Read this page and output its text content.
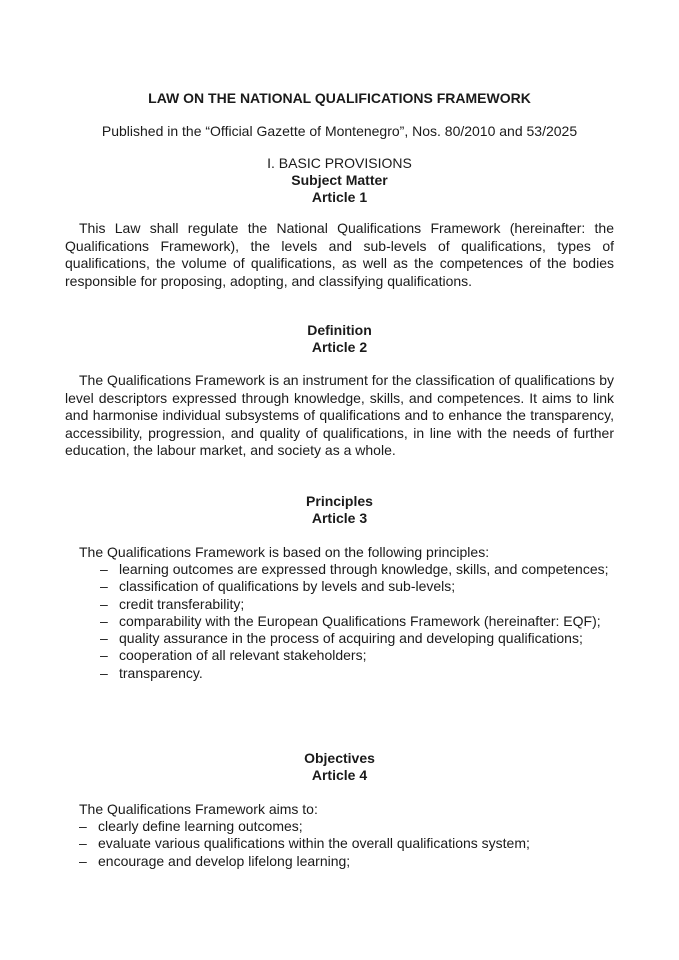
LAW ON THE NATIONAL QUALIFICATIONS FRAMEWORK
Published in the “Official Gazette of Montenegro”, Nos. 80/2010 and 53/2025
I. BASIC PROVISIONS
Subject Matter
Article 1

This Law shall regulate the National Qualifications Framework (hereinafter: the Qualifications Framework), the levels and sub-levels of qualifications, types of qualifications, the volume of qualifications, as well as the competences of the bodies responsible for proposing, adopting, and classifying qualifications.

Definition
Article 2

The Qualifications Framework is an instrument for the classification of qualifications by level descriptors expressed through knowledge, skills, and competences. It aims to link and harmonise individual subsystems of qualifications and to enhance the transparency, accessibility, progression, and quality of qualifications, in line with the needs of further education, the labour market, and society as a whole.

Principles
Article 3
The Qualifications Framework is based on the following principles:
– learning outcomes are expressed through knowledge, skills, and competences;
– classification of qualifications by levels and sub-levels;
– credit transferability;
– comparability with the European Qualifications Framework (hereinafter: EQF);
– quality assurance in the process of acquiring and developing qualifications;
– cooperation of all relevant stakeholders;
– transparency.
Objectives
Article 4
The Qualifications Framework aims to:
– clearly define learning outcomes;
– evaluate various qualifications within the overall qualifications system;
– encourage and develop lifelong learning;
